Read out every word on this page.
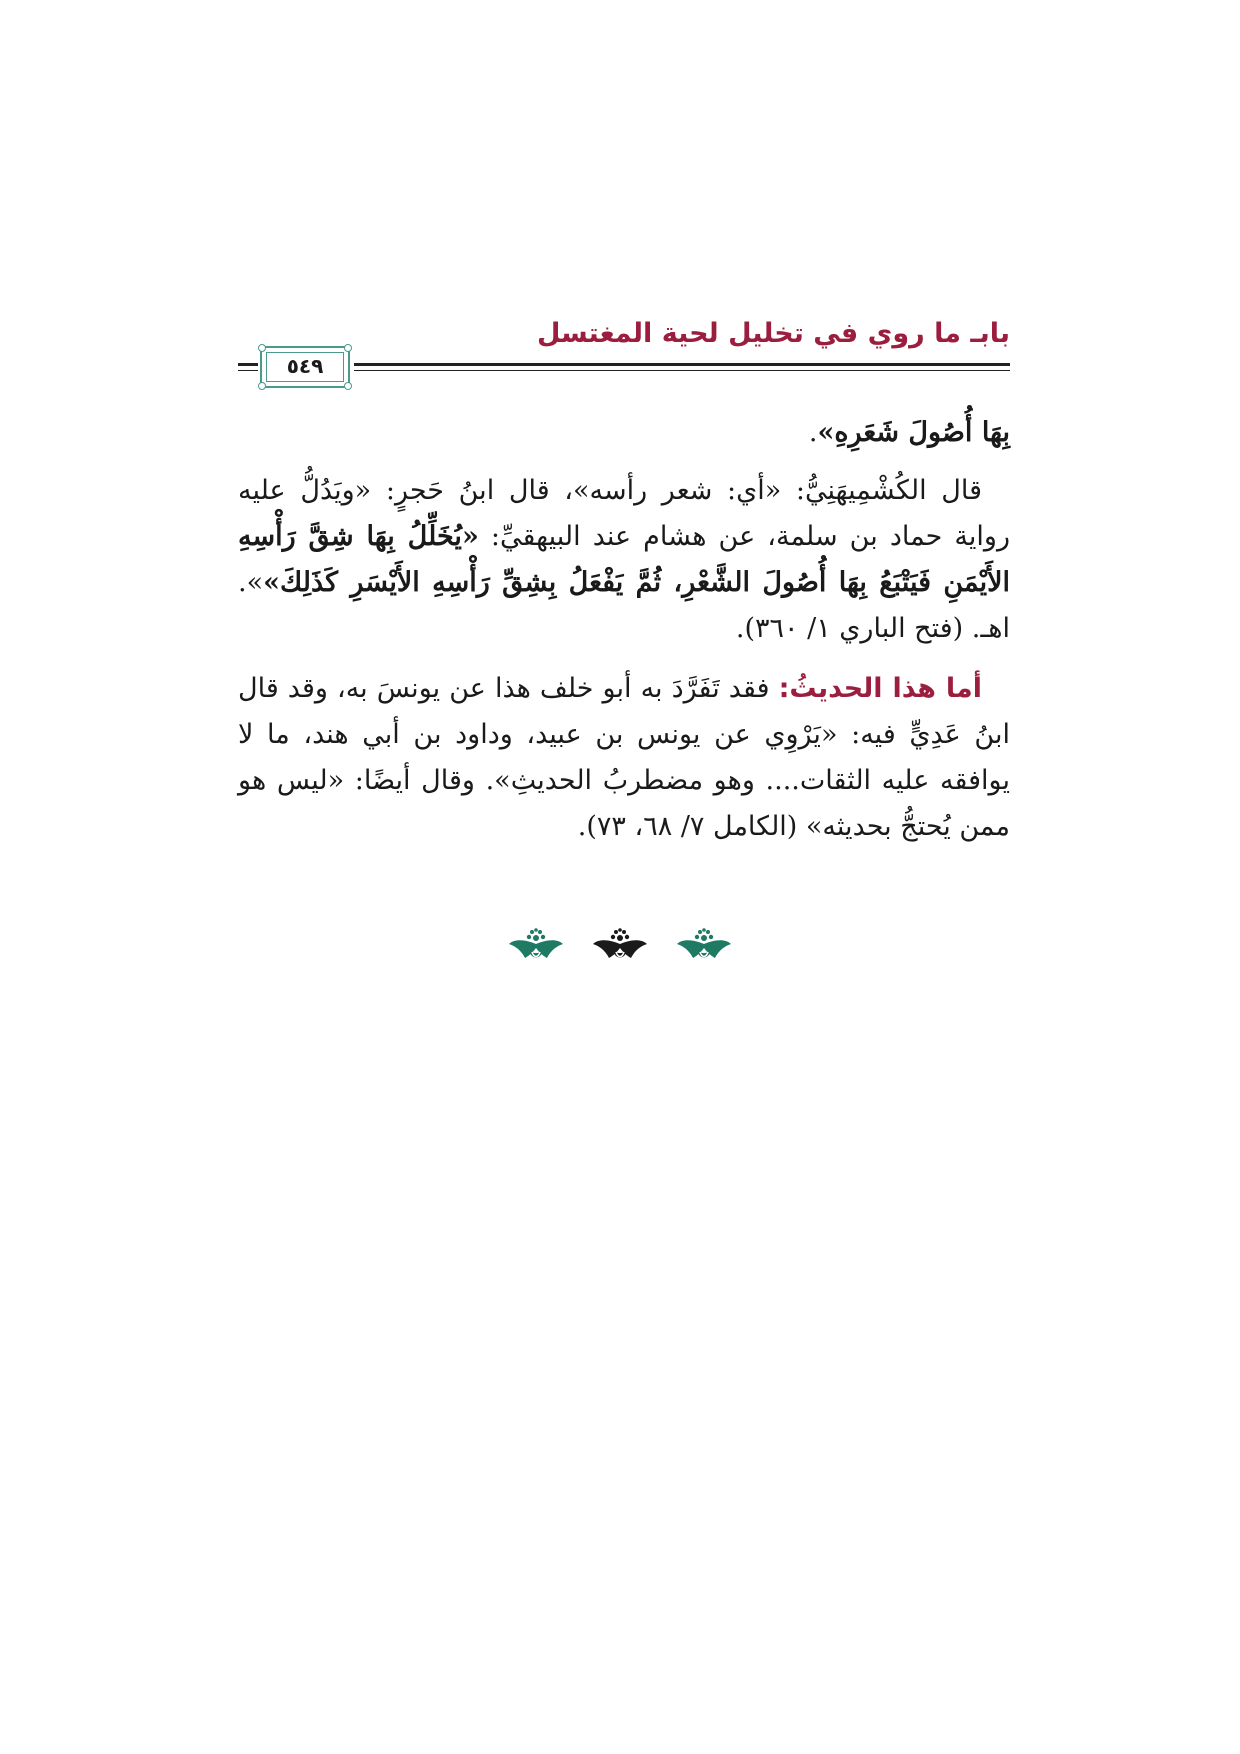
بابـ ما روي في تخليل لحية المغتسل
٥٤٩

بِهَا أُصُولَ شَعَرِهِ».

قال الكُشْمِيهَنِيُّ: «أي: شعر رأسه»، قال ابنُ حَجرٍ: «ويَدُلُّ عليه رواية حماد بن سلمة، عن هشام عند البيهقيِّ: «يُخَلِّلُ بِهَا شِقَّ رَأْسِهِ الأَيْمَنِ فَيَتْبَعُ بِهَا أُصُولَ الشَّعْرِ، ثُمَّ يَفْعَلُ بِشِقِّ رَأْسِهِ الأَيْسَرِ كَذَلِكَ»». اهـ. (فتح الباري ١/ ٣٦٠).

أما هذا الحديثُ: فقد تَفَرَّدَ به أبو خلف هذا عن يونسَ به، وقد قال ابنُ عَدِيٍّ فيه: «يَرْوِي عن يونس بن عبيد، وداود بن أبي هند، ما لا يوافقه عليه الثقات.... وهو مضطربُ الحديثِ». وقال أيضًا: «ليس هو ممن يُحتجُّ بحديثه» (الكامل ٧/ ٦٨، ٧٣).
